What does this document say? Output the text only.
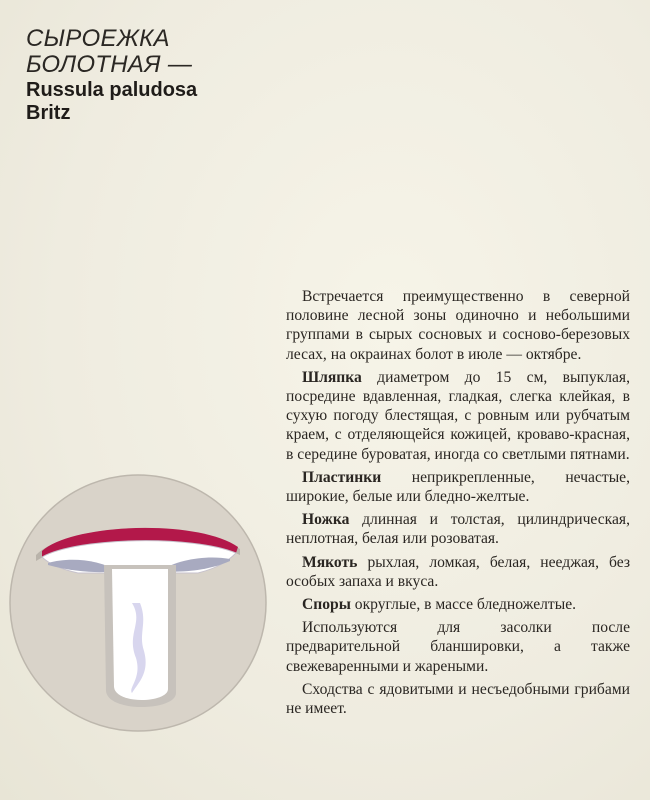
СЫРОЕЖКА
БОЛОТНАЯ —
Russula paludosa
Britz

Встречается преимущественно в северной половине лесной зоны одиночно и небольшими группами в сырых сосновых и сосново-березовых лесах, на окраинах болот в июле — октябре.

Шляпка диаметром до 15 см, выпуклая, посредине вдавленная, гладкая, слегка клейкая, в сухую погоду блестящая, с ровным или рубчатым краем, с отделяющейся кожицей, кроваво-красная, в середине буроватая, иногда со светлыми пятнами.

Пластинки неприкрепленные, нечастые, широкие, белые или бледно-желтые.

Ножка длинная и толстая, цилиндрическая, неплотная, белая или розоватая.

Мякоть рыхлая, ломкая, белая, нееджая, без особых запаха и вкуса.

Споры округлые, в массе бледножелтые.

Используются для засолки после предварительной бланшировки, а также свежеваренными и жареными.

Сходства с ядовитыми и несъедобными грибами не имеет.
